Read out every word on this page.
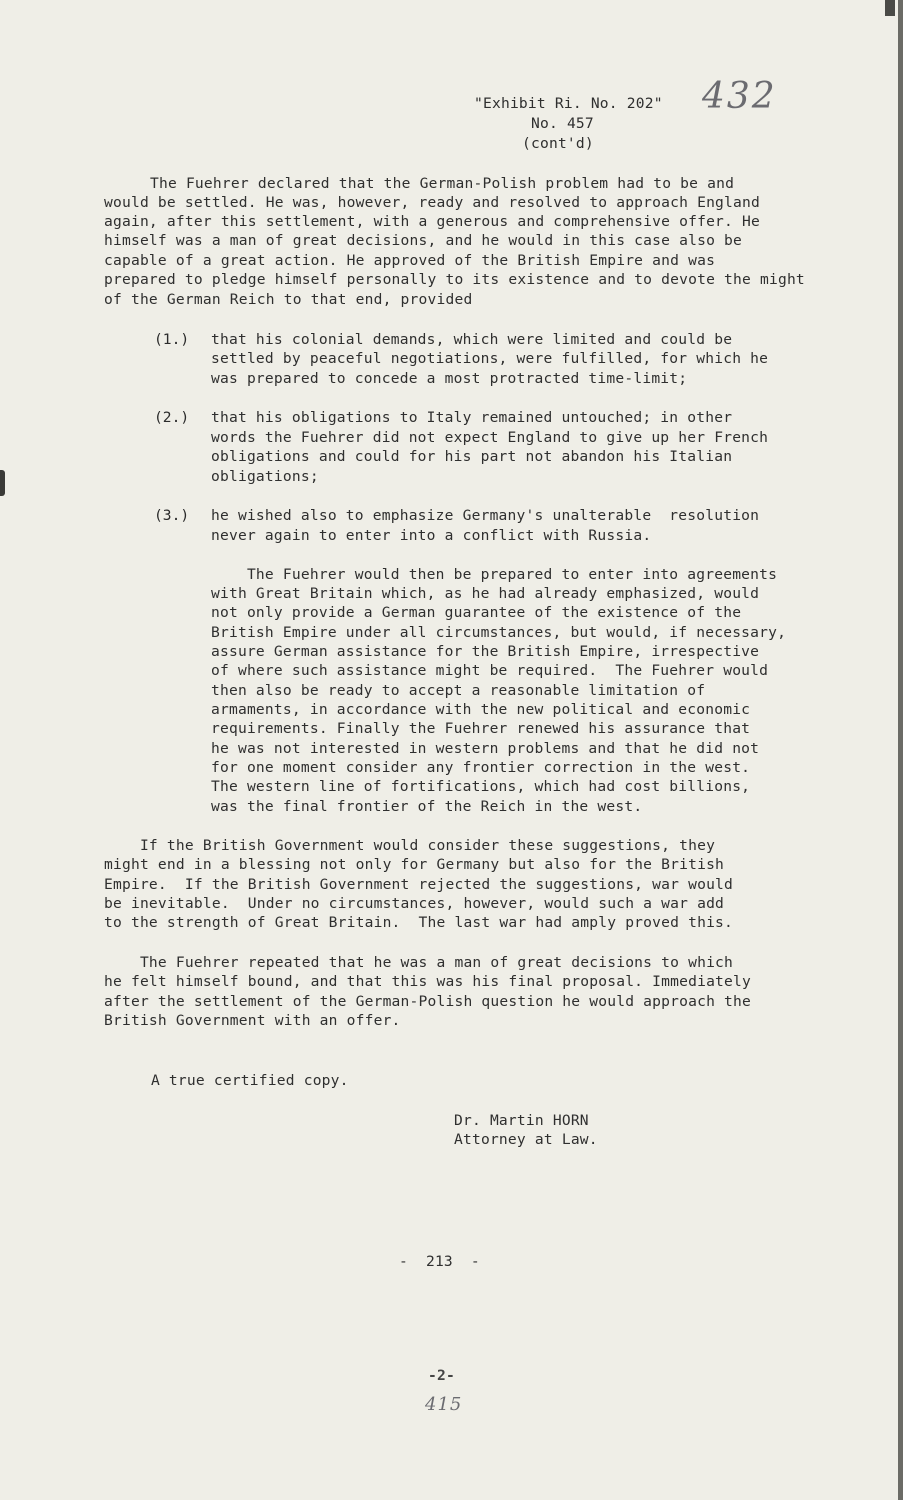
"Exhibit Ri. No. 202"
No. 457
(cont'd)
432
The Fuehrer declared that the German-Polish problem had to be and
would be settled. He was, however, ready and resolved to approach England
again, after this settlement, with a generous and comprehensive offer. He
himself was a man of great decisions, and he would in this case also be
capable of a great action. He approved of the British Empire and was
prepared to pledge himself personally to its existence and to devote the might
of the German Reich to that end, provided
(1.) that his colonial demands, which were limited and could be
settled by peaceful negotiations, were fulfilled, for which he
was prepared to concede a most protracted time-limit;
(2.) that his obligations to Italy remained untouched; in other
words the Fuehrer did not expect England to give up her French
obligations and could for his part not abandon his Italian
obligations;
(3.) he wished also to emphasize Germany's unalterable  resolution
never again to enter into a conflict with Russia.
The Fuehrer would then be prepared to enter into agreements
with Great Britain which, as he had already emphasized, would
not only provide a German guarantee of the existence of the
British Empire under all circumstances, but would, if necessary,
assure German assistance for the British Empire, irrespective
of where such assistance might be required.  The Fuehrer would
then also be ready to accept a reasonable limitation of
armaments, in accordance with the new political and economic
requirements. Finally the Fuehrer renewed his assurance that
he was not interested in western problems and that he did not
for one moment consider any frontier correction in the west.
The western line of fortifications, which had cost billions,
was the final frontier of the Reich in the west.
If the British Government would consider these suggestions, they
might end in a blessing not only for Germany but also for the British
Empire.  If the British Government rejected the suggestions, war would
be inevitable.  Under no circumstances, however, would such a war add
to the strength of Great Britain.  The last war had amply proved this.
The Fuehrer repeated that he was a man of great decisions to which
he felt himself bound, and that this was his final proposal. Immediately
after the settlement of the German-Polish question he would approach the
British Government with an offer.
A true certified copy.
Dr. Martin HORN
Attorney at Law.
-  213  -
-2-
415
